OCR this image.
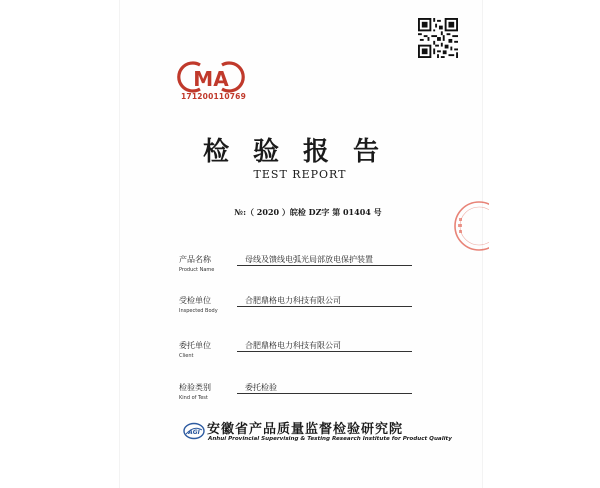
MA
171200110769
检验报告
TEST REPORT
№:（ 2020 ）皖检 DZ字 第 01404 号
产品名称
Product Name
母线及馈线电弧光局部放电保护装置
受检单位
Inspected Body
合肥鼎格电力科技有限公司
委托单位
Client
合肥鼎格电力科技有限公司
检验类别
Kind of Test
委托检验
AGI 安徽省产品质量监督检验研究院
Anhui Provincial Supervising & Testing Research Institute for Product Quality
